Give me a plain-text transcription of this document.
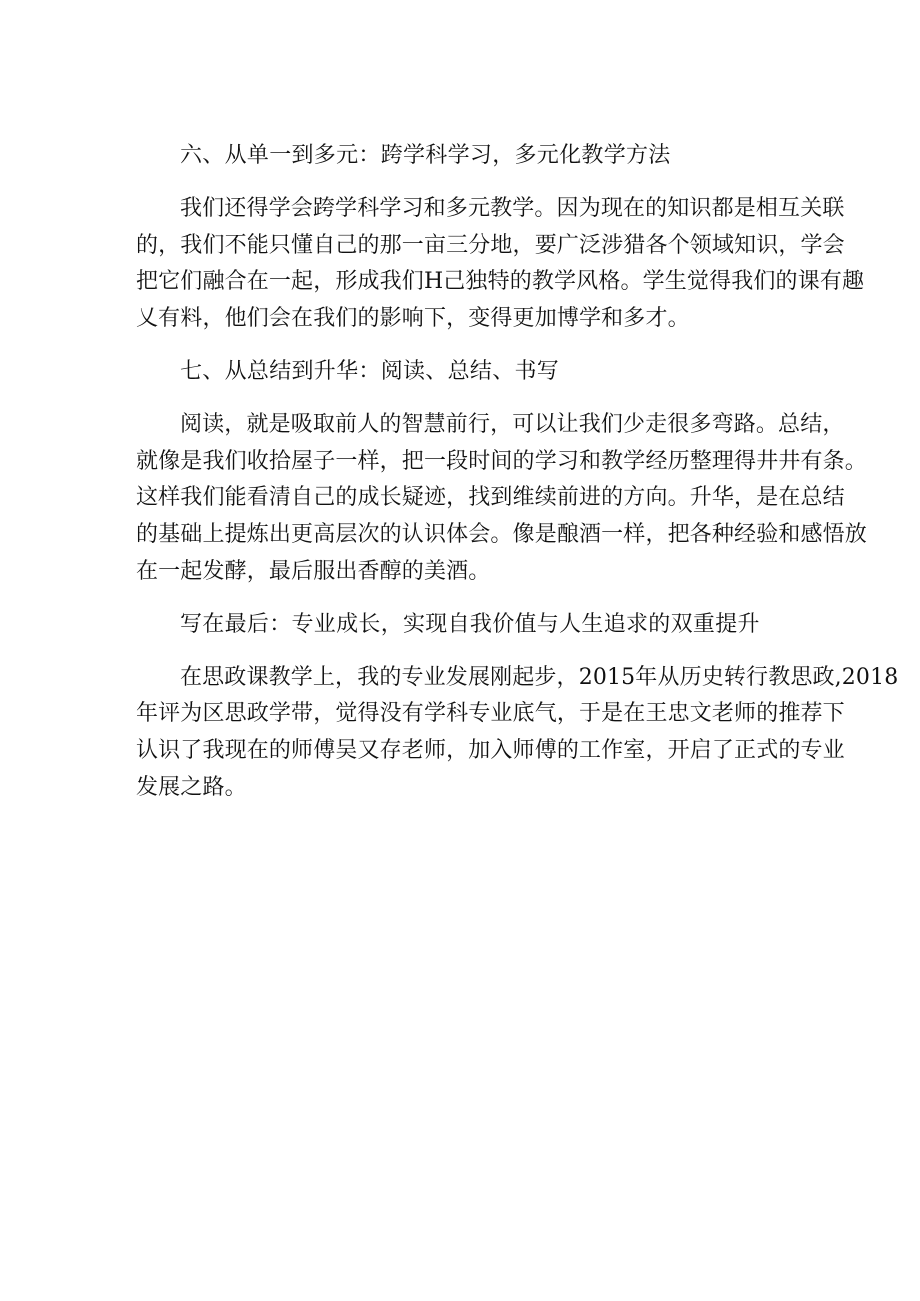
六、从单一到多元：跨学科学习，多元化教学方法
我们还得学会跨学科学习和多元教学。因为现在的知识都是相互关联
的，我们不能只懂自己的那一亩三分地，要广泛涉猎各个领域知识，学会
把它们融合在一起，形成我们H己独特的教学风格。学生觉得我们的课有趣
乂有料，他们会在我们的影响下，变得更加博学和多才。
七、从总结到升华：阅读、总结、书写
阅读，就是吸取前人的智慧前行，可以让我们少走很多弯路。总结，
就像是我们收拾屋子一样，把一段时间的学习和教学经历整理得井井有条。
这样我们能看清自己的成长疑迹，找到维续前进的方向。升华，是在总结
的基础上提炼出更高层次的认识体会。像是酿酒一样，把各种经验和感悟放
在一起发酵，最后服出香醇的美酒。
写在最后：专业成长，实现自我价值与人生追求的双重提升
在思政课教学上，我的专业发展刚起步，2015年从历史转行教思政,2018
年评为区思政学带，觉得没有学科专业底气，于是在王忠文老师的推荐下
认识了我现在的师傅吴又存老师，加入师傅的工作室，开启了正式的专业
发展之路。
